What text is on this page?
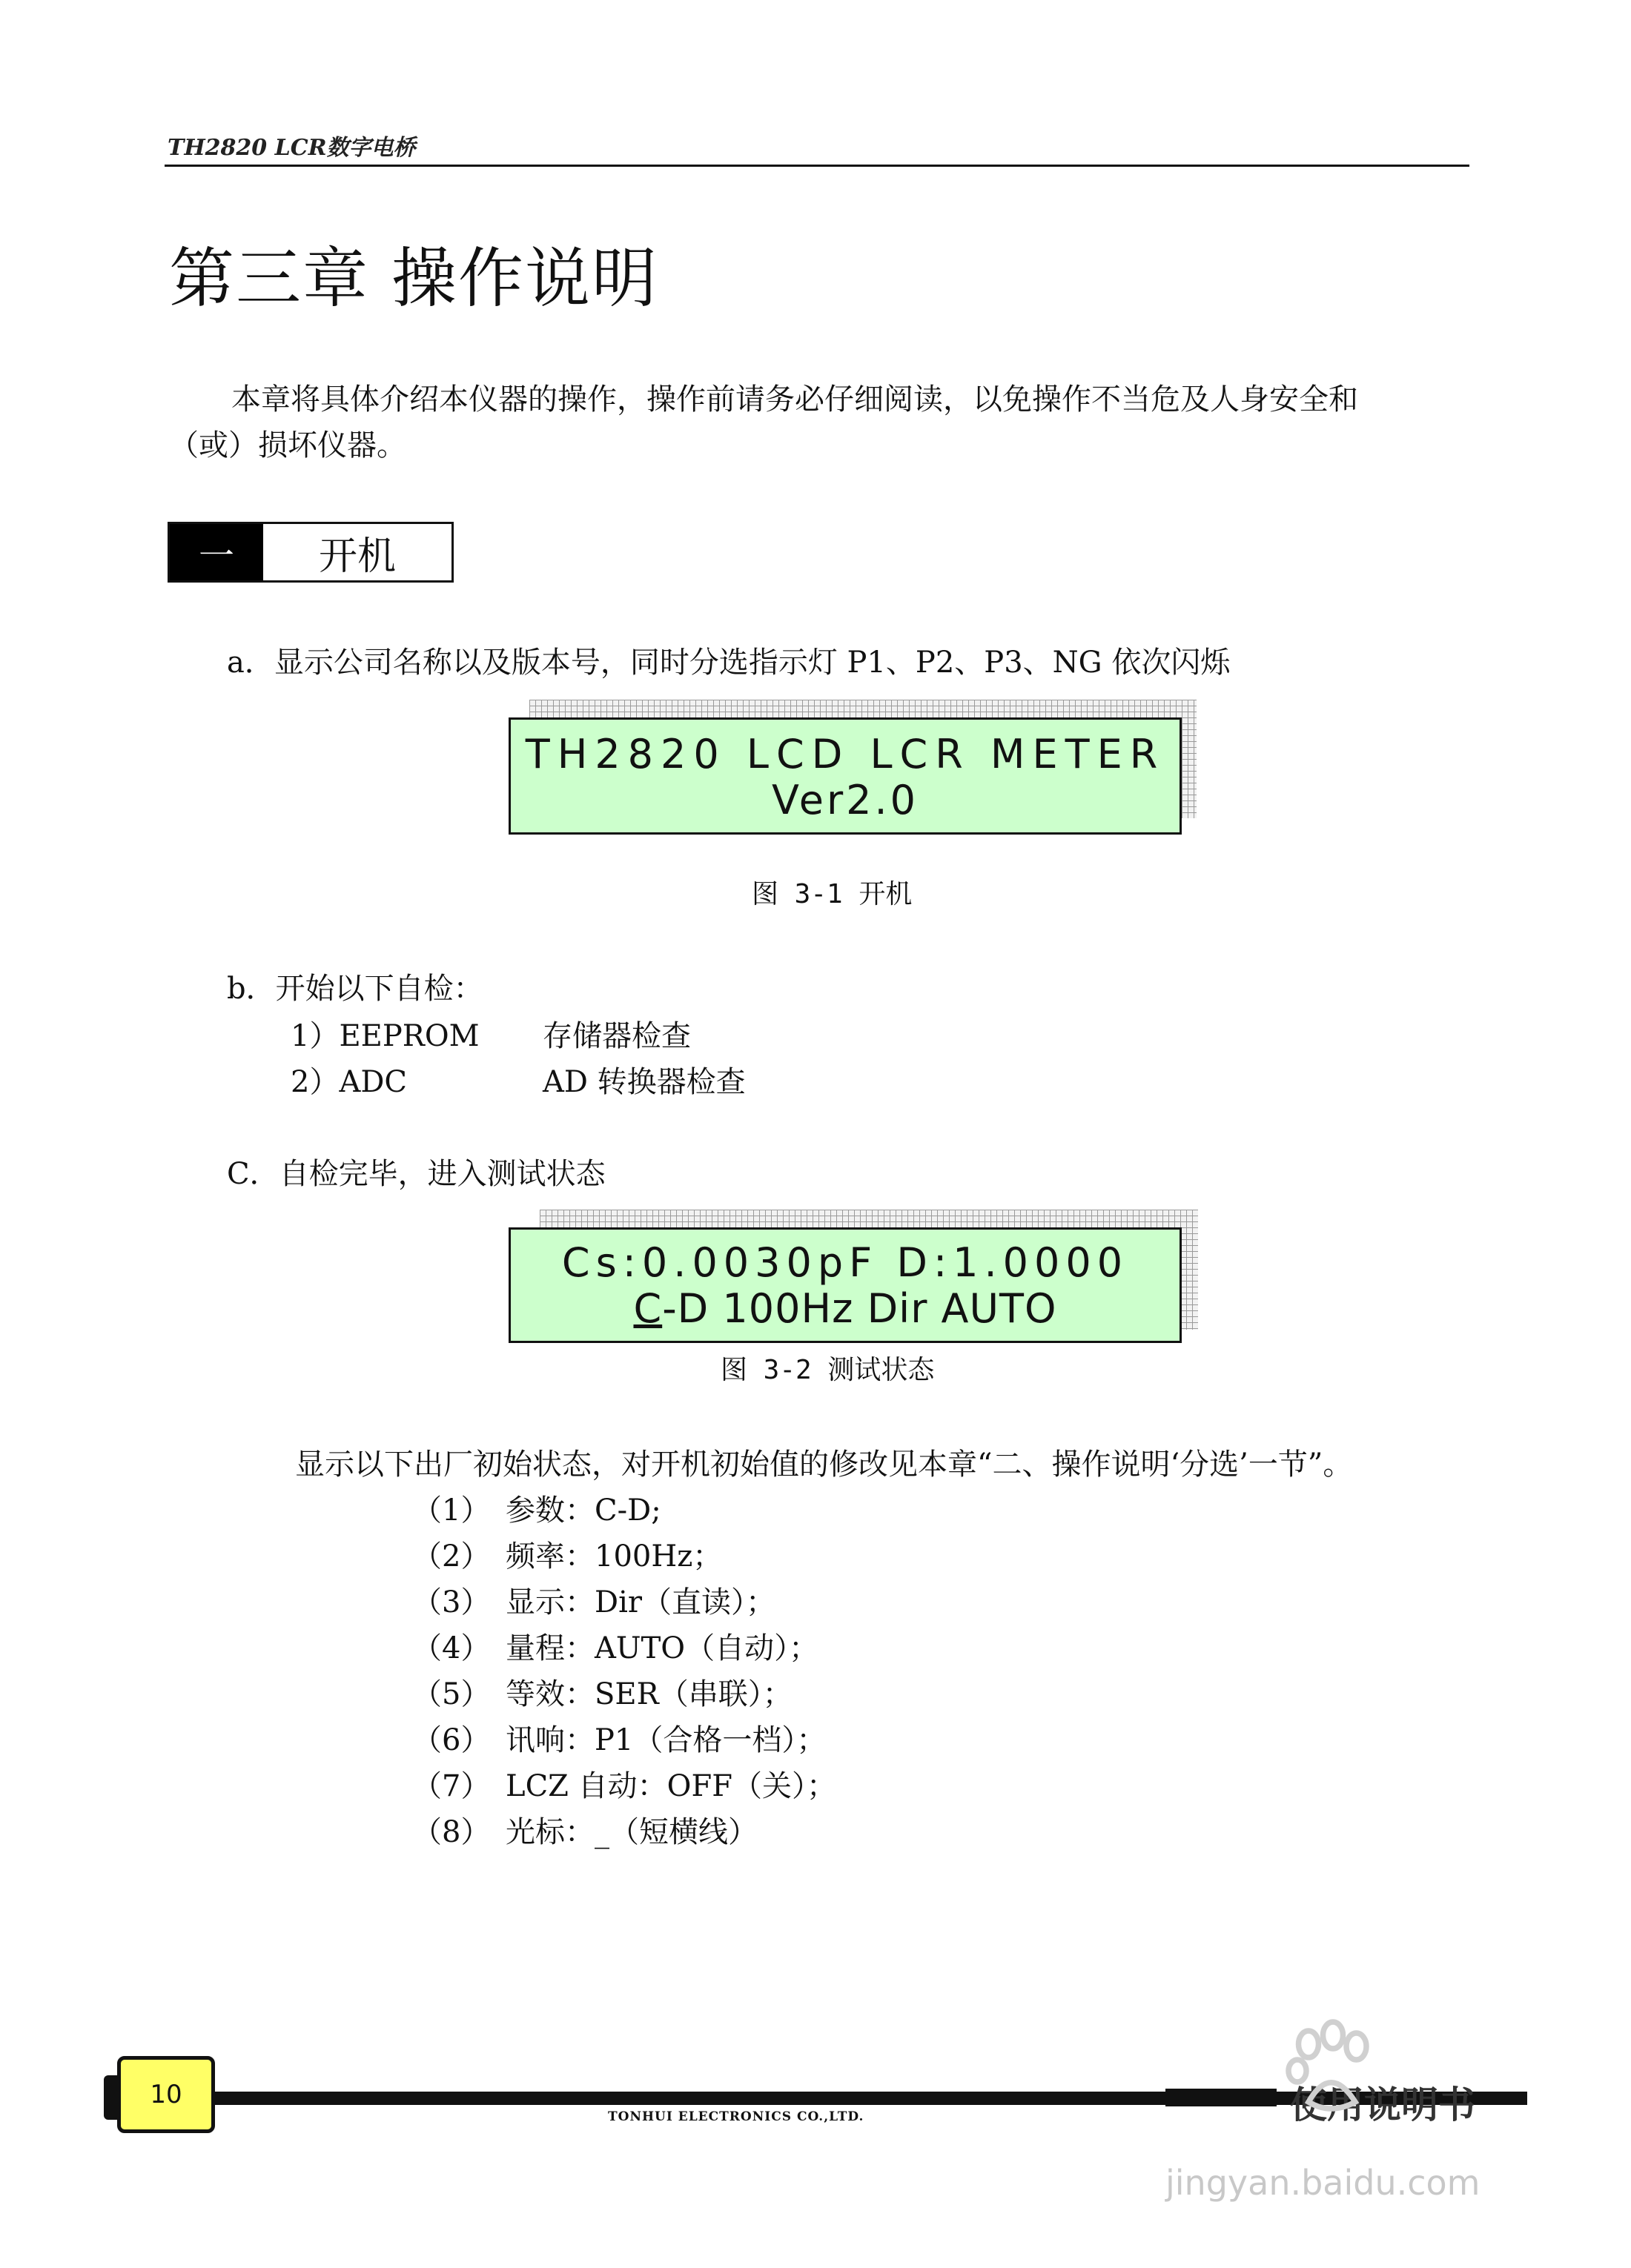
TH2820 LCR数字电桥
第三章 操作说明
本章将具体介绍本仪器的操作，操作前请务必仔细阅读，以免操作不当危及人身安全和
（或）损坏仪器。
一	开机
a．显示公司名称以及版本号，同时分选指示灯 P1、P2、P3、NG 依次闪烁
TH2820 LCD LCR METER
Ver2.0
图 3-1 开机
b．开始以下自检：
1）EEPROM 存储器检查
2）ADC	AD 转换器检查
C．自检完毕，进入测试状态
Cs:0.0030pF D:1.0000
C-D 100Hz Dir AUTO
图 3-2 测试状态
显示以下出厂初始状态，对开机初始值的修改见本章“二、操作说明‘分选’一节”。
（1） 参数：C-D;
（2） 频率：100Hz；
（3） 显示：Dir（直读）；
（4） 量程：AUTO（自动）；
（5） 等效：SER（串联）；
（6） 讯响：P1（合格一档）；
（7） LCZ 自动：OFF（关）；
（8） 光标：_（短横线）
10
TONHUI ELECTRONICS CO.,LTD.	使用说明书
jingyan.baidu.com
